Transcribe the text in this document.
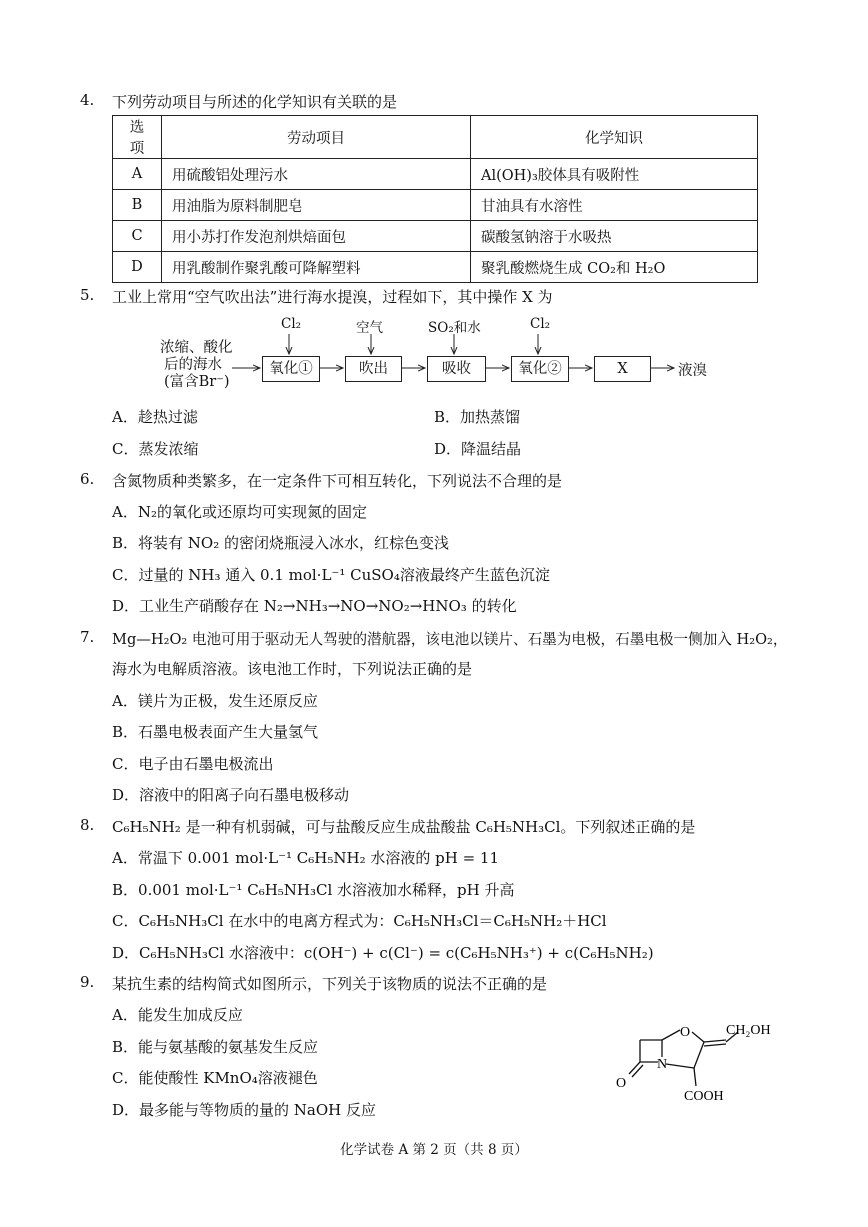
4. 下列劳动项目与所述的化学知识有关联的是
选项	劳动项目	化学知识
A	用硫酸铝处理污水	Al(OH)₃胶体具有吸附性
B	用油脂为原料制肥皂	甘油具有水溶性
C	用小苏打作发泡剂烘焙面包	碳酸氢钠溶于水吸热
D	用乳酸制作聚乳酸可降解塑料	聚乳酸燃烧生成 CO₂和 H₂O
5. 工业上常用“空气吹出法”进行海水提溴，过程如下，其中操作 X 为
浓缩、酸化
后的海水
(富含Br⁻)
氧化①	吹出	吸收	氧化②	X
Cl₂	空气	SO₂和水	Cl₂
液溴
A．趁热过滤	B．加热蒸馏
C．蒸发浓缩	D．降温结晶
6. 含氮物质种类繁多，在一定条件下可相互转化，下列说法不合理的是
A．N₂的氧化或还原均可实现氮的固定
B．将装有 NO₂ 的密闭烧瓶浸入冰水，红棕色变浅
C．过量的 NH₃ 通入 0.1 mol·L⁻¹ CuSO₄溶液最终产生蓝色沉淀
D．工业生产硝酸存在 N₂→NH₃→NO→NO₂→HNO₃ 的转化
7. Mg—H₂O₂ 电池可用于驱动无人驾驶的潜航器，该电池以镁片、石墨为电极，石墨电极一侧加入 H₂O₂，
海水为电解质溶液。该电池工作时，下列说法正确的是
A．镁片为正极，发生还原反应
B．石墨电极表面产生大量氢气
C．电子由石墨电极流出
D．溶液中的阳离子向石墨电极移动
8. C₆H₅NH₂ 是一种有机弱碱，可与盐酸反应生成盐酸盐 C₆H₅NH₃Cl。下列叙述正确的是
A．常温下 0.001 mol·L⁻¹ C₆H₅NH₂ 水溶液的 pH = 11
B．0.001 mol·L⁻¹ C₆H₅NH₃Cl 水溶液加水稀释，pH 升高
C．C₆H₅NH₃Cl 在水中的电离方程式为：C₆H₅NH₃Cl＝C₆H₅NH₂＋HCl
D．C₆H₅NH₃Cl 水溶液中：c(OH⁻) + c(Cl⁻) = c(C₆H₅NH₃⁺) + c(C₆H₅NH₂)
9. 某抗生素的结构简式如图所示，下列关于该物质的说法不正确的是
A．能发生加成反应
B．能与氨基酸的氨基发生反应
C．能使酸性 KMnO₄溶液褪色
D．最多能与等物质的量的 NaOH 反应
O
N
O
CH₂OH
COOH
化学试卷 A 第 2 页（共 8 页）
